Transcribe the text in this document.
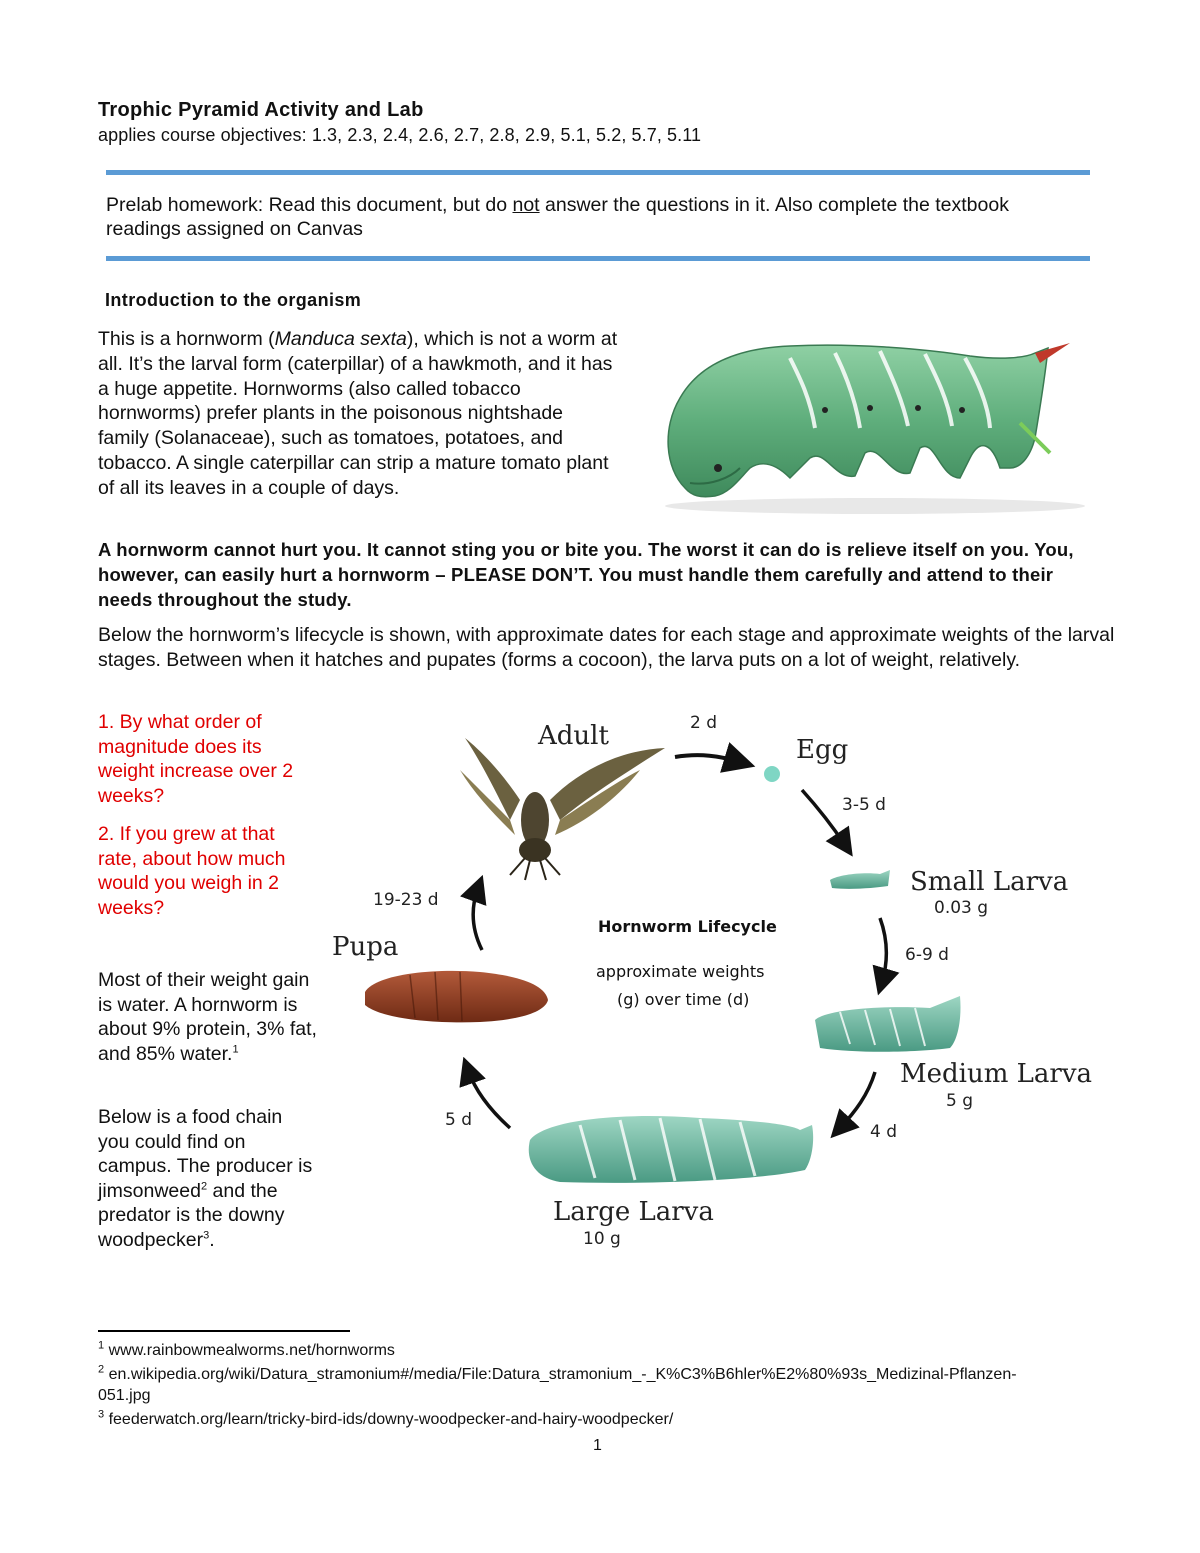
Trophic Pyramid Activity and Lab
applies course objectives: 1.3, 2.3, 2.4, 2.6, 2.7, 2.8, 2.9, 5.1, 5.2, 5.7, 5.11
Prelab homework: Read this document, but do not answer the questions in it. Also complete the textbook readings assigned on Canvas
Introduction to the organism
This is a hornworm (Manduca sexta), which is not a worm at all. It’s the larval form (caterpillar) of a hawkmoth, and it has a huge appetite. Hornworms (also called tobacco hornworms) prefer plants in the poisonous nightshade family (Solanaceae), such as tomatoes, potatoes, and tobacco. A single caterpillar can strip a mature tomato plant of all its leaves in a couple of days.
A hornworm cannot hurt you. It cannot sting you or bite you. The worst it can do is relieve itself on you. You, however, can easily hurt a hornworm – PLEASE DON’T. You must handle them carefully and attend to their needs throughout the study.
Below the hornworm’s lifecycle is shown, with approximate dates for each stage and approximate weights of the larval stages. Between when it hatches and pupates (forms a cocoon), the larva puts on a lot of weight, relatively.
1. By what order of magnitude does its weight increase over 2 weeks?
2. If you grew at that rate, about how much would you weigh in 2 weeks?
Most of their weight gain is water. A hornworm is about 9% protein, 3% fat, and 85% water.$^1$
Below is a food chain you could find on campus. The producer is jimsonweed$^2$ and the predator is the downy woodpecker$^3$.
Adult	Egg
2 d
3-5 d
6-9 d
4 d
5 d
19-23 d
Small Larva
0.03 g
Medium Larva
5 g
Large Larva
10 g
Pupa
Hornworm Lifecycle
approximate weights
(g) over time (d)
$^1$ www.rainbowmealworms.net/hornworms
$^2$ en.wikipedia.org/wiki/Datura_stramonium#/media/File:Datura_stramonium_-_K%C3%B6hler%E2%80%93s_Medizinal-Pflanzen-051.jpg
$^3$ feederwatch.org/learn/tricky-bird-ids/downy-woodpecker-and-hairy-woodpecker/
1
